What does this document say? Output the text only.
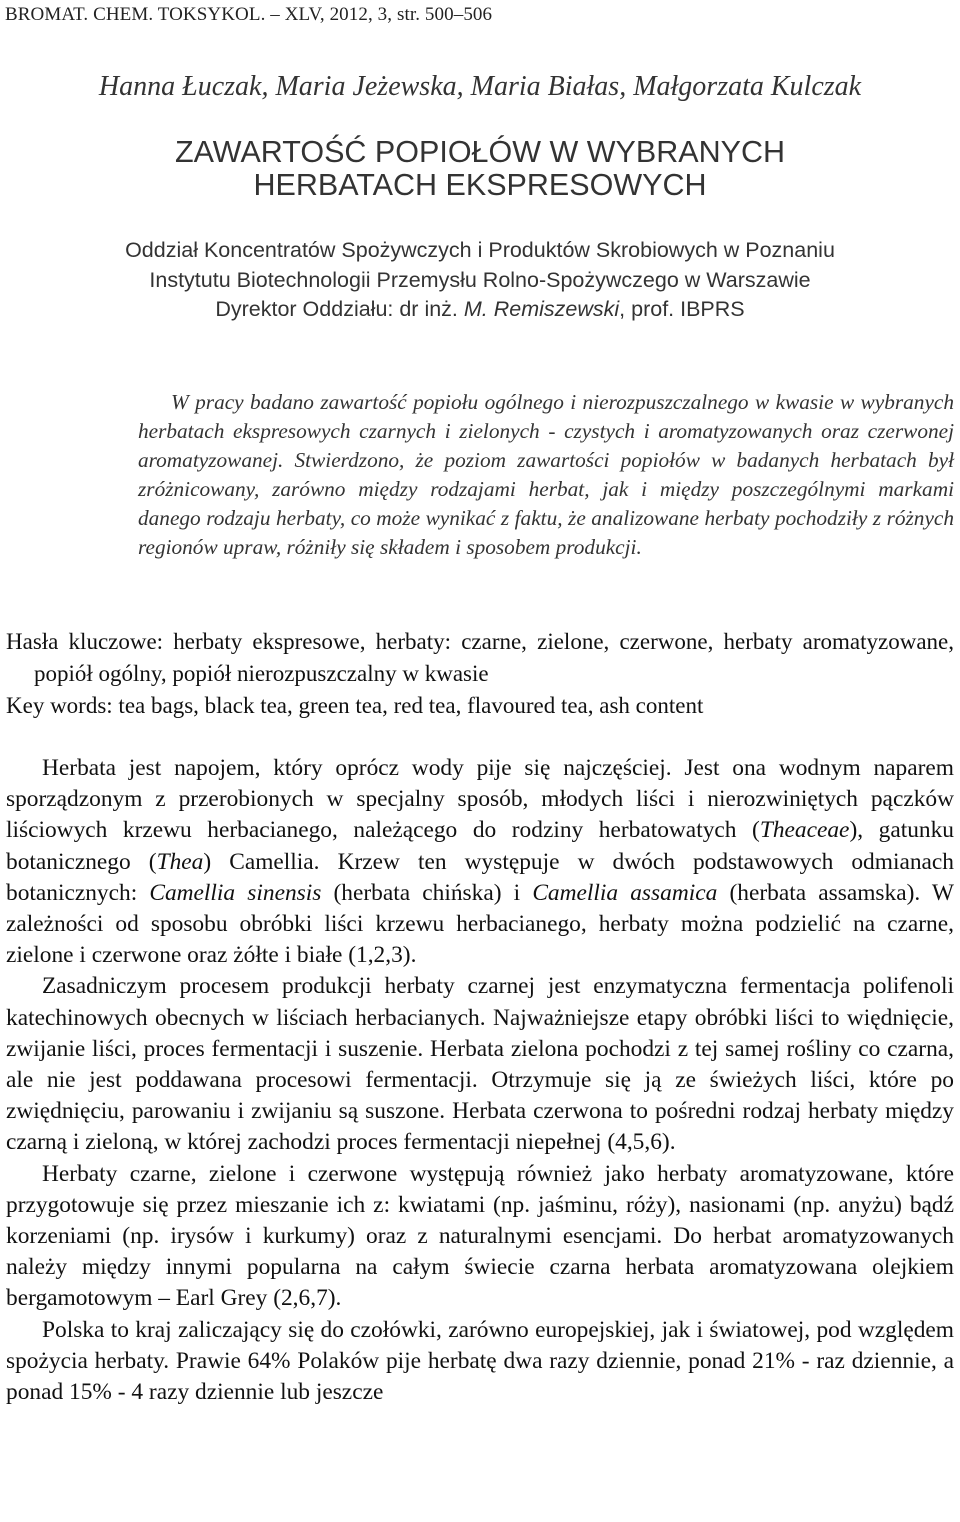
BROMAT. CHEM. TOKSYKOL. – XLV, 2012, 3, str. 500–506
Hanna Łuczak, Maria Jeżewska, Maria Białas, Małgorzata Kulczak
ZAWARTOŚĆ POPIOŁÓW W WYBRANYCH
HERBATACH EKSPRESOWYCH
Oddział Koncentratów Spożywczych i Produktów Skrobiowych w Poznaniu
Instytutu Biotechnologii Przemysłu Rolno-Spożywczego w Warszawie
Dyrektor Oddziału: dr inż. M. Remiszewski, prof. IBPRS

W pracy badano zawartość popiołu ogólnego i nierozpuszczalnego w kwasie w wybranych herbatach ekspresowych czarnych i zielonych - czystych i aromatyzowanych oraz czerwonej aromatyzowanej. Stwierdzono, że poziom zawartości popiołów w badanych herbatach był zróżnicowany, zarówno między rodzajami herbat, jak i między poszczególnymi markami danego rodzaju herbaty, co może wynikać z faktu, że analizowane herbaty pochodziły z różnych regionów upraw, różniły się składem i sposobem produkcji.

Hasła kluczowe: herbaty ekspresowe, herbaty: czarne, zielone, czerwone, herbaty aromatyzowane, popiół ogólny, popiół nierozpuszczalny w kwasie

Key words: tea bags, black tea, green tea, red tea, flavoured tea, ash content

Herbata jest napojem, który oprócz wody pije się najczęściej. Jest ona wodnym naparem sporządzonym z przerobionych w specjalny sposób, młodych liści i nierozwiniętych pączków liściowych krzewu herbacianego, należącego do rodziny herbatowatych (Theaceae), gatunku botanicznego (Thea) Camellia. Krzew ten występuje w dwóch podstawowych odmianach botanicznych: Camellia sinensis (herbata chińska) i Camellia assamica (herbata assamska). W zależności od sposobu obróbki liści krzewu herbacianego, herbaty można podzielić na czarne, zielone i czerwone oraz żółte i białe (1,2,3).

Zasadniczym procesem produkcji herbaty czarnej jest enzymatyczna fermentacja polifenoli katechinowych obecnych w liściach herbacianych. Najważniejsze etapy obróbki liści to więdnięcie, zwijanie liści, proces fermentacji i suszenie. Herbata zielona pochodzi z tej samej rośliny co czarna, ale nie jest poddawana procesowi fermentacji. Otrzymuje się ją ze świeżych liści, które po zwiędnięciu, parowaniu i zwijaniu są suszone. Herbata czerwona to pośredni rodzaj herbaty między czarną i zieloną, w której zachodzi proces fermentacji niepełnej (4,5,6).

Herbaty czarne, zielone i czerwone występują również jako herbaty aromatyzowane, które przygotowuje się przez mieszanie ich z: kwiatami (np. jaśminu, róży), nasionami (np. anyżu) bądź korzeniami (np. irysów i kurkumy) oraz z naturalnymi esencjami. Do herbat aromatyzowanych należy między innymi popularna na całym świecie czarna herbata aromatyzowana olejkiem bergamotowym – Earl Grey (2,6,7).

Polska to kraj zaliczający się do czołówki, zarówno europejskiej, jak i światowej, pod względem spożycia herbaty. Prawie 64% Polaków pije herbatę dwa razy dziennie, ponad 21% - raz dziennie, a ponad 15% - 4 razy dziennie lub jeszcze
